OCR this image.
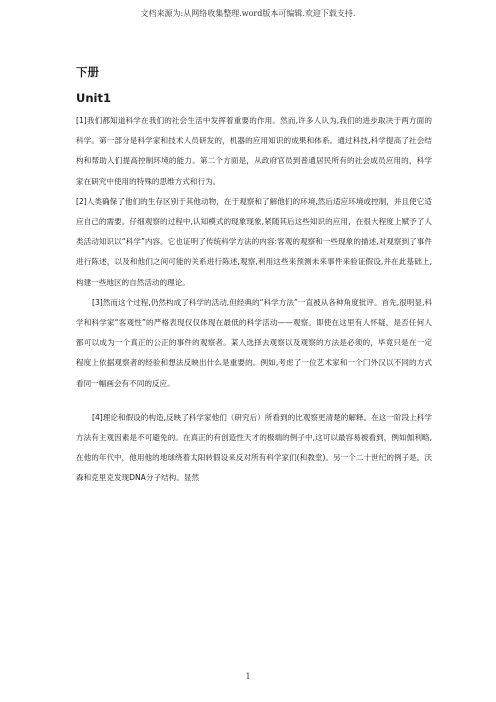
文档来源为:从网络收集整理.word版本可编辑.欢迎下载支持.
下册
Unit1

[1]我们都知道科学在我们的社会生活中发挥着重要的作用。然而,许多人认为,我们的进步取决于两方面的科学。第一部分是科学家和技术人员研发的，机器的应用知识的成果和体系。通过科技,科学提高了社会结构和帮助人们提高控制环境的能力。第二个方面是，从政府官员到普通居民所有的社会成员应用的，科学家在研究中使用的特殊的思维方式和行为。

[2]人类确保了他们的生存区别于其他动物，在于观察和了解他们的环境,然后适应环境或控制，并且使它适应自己的需要。仔细观察的过程中,认知模式的现象现象,紧随其后这些知识的应用，在很大程度上赋予了人类活动知识以“科学”内容。它也证明了传统科学方法的内容:客观的观察和一些现象的描述,对观察到了事件进行陈述，以及和他们之间可能的关系进行陈述,观察,利用这些来预测未来事件来验证假设,并在此基础上,构建一些地区的自然活动的理论。

[3]然而这个过程,仍然构成了科学的活动,但经典的“科学方法”一直被从各种角度批评。首先,很明显,科学和科学家“客观性”的严格表现仅仅体现在最低的科学活动——观察。即使在这里有人怀疑，是否任何人都可以成为一个真正的公正的事件的观察者。某人选择去观察以及观察的方法是必须的，毕竟只是在一定程度上依据观察者的经验和想法反映出什么是重要的。例如,考虑了一位艺术家和一个门外汉以不同的方式看同一幅画会有不同的反应。

[4]理论和假设的构造,反映了科学家他们（研究后）所看到的比观察更清楚的解释。在这一阶段上科学方法有主观因素是不可避免的。在真正的有创造性天才的极端的例子中,这可以最容易被看到，例如伽利略,在他的年代中，他用他的地球绕着太阳转假设来反对所有科学家们(和教堂)。另一个二十世纪的例子是，沃森和克里克发现DNA分子结构。显然

1
